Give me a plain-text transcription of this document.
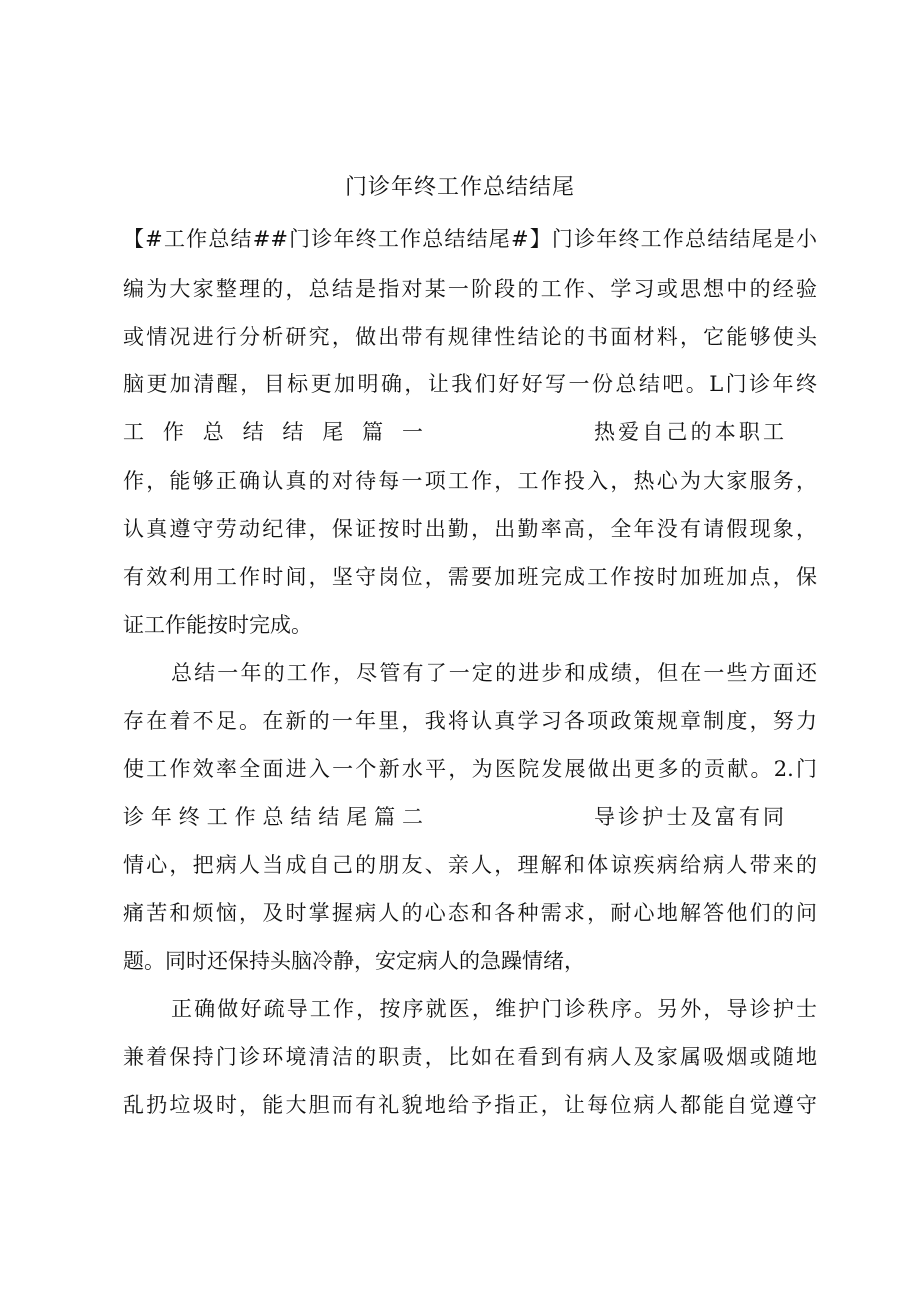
门诊年终工作总结结尾
【#工作总结##门诊年终工作总结结尾#】门诊年终工作总结结尾是小
编为大家整理的，总结是指对某一阶段的工作、学习或思想中的经验
或情况进行分析研究，做出带有规律性结论的书面材料，它能够使头
脑更加清醒，目标更加明确，让我们好好写一份总结吧。L门诊年终
工作总结结尾篇一	热爱自己的本职工
作，能够正确认真的对待每一项工作，工作投入，热心为大家服务，
认真遵守劳动纪律，保证按时出勤，出勤率高，全年没有请假现象，
有效利用工作时间，坚守岗位，需要加班完成工作按时加班加点，保
证工作能按时完成。
总结一年的工作，尽管有了一定的进步和成绩，但在一些方面还
存在着不足。在新的一年里，我将认真学习各项政策规章制度，努力
使工作效率全面进入一个新水平，为医院发展做出更多的贡献。2.门
诊年终工作总结结尾篇二	导诊护士及富有同
情心，把病人当成自己的朋友、亲人，理解和体谅疾病给病人带来的
痛苦和烦恼，及时掌握病人的心态和各种需求，耐心地解答他们的问
题。同时还保持头脑冷静，安定病人的急躁情绪，
正确做好疏导工作，按序就医，维护门诊秩序。另外，导诊护士
兼着保持门诊环境清洁的职责，比如在看到有病人及家属吸烟或随地
乱扔垃圾时，能大胆而有礼貌地给予指正，让每位病人都能自觉遵守
